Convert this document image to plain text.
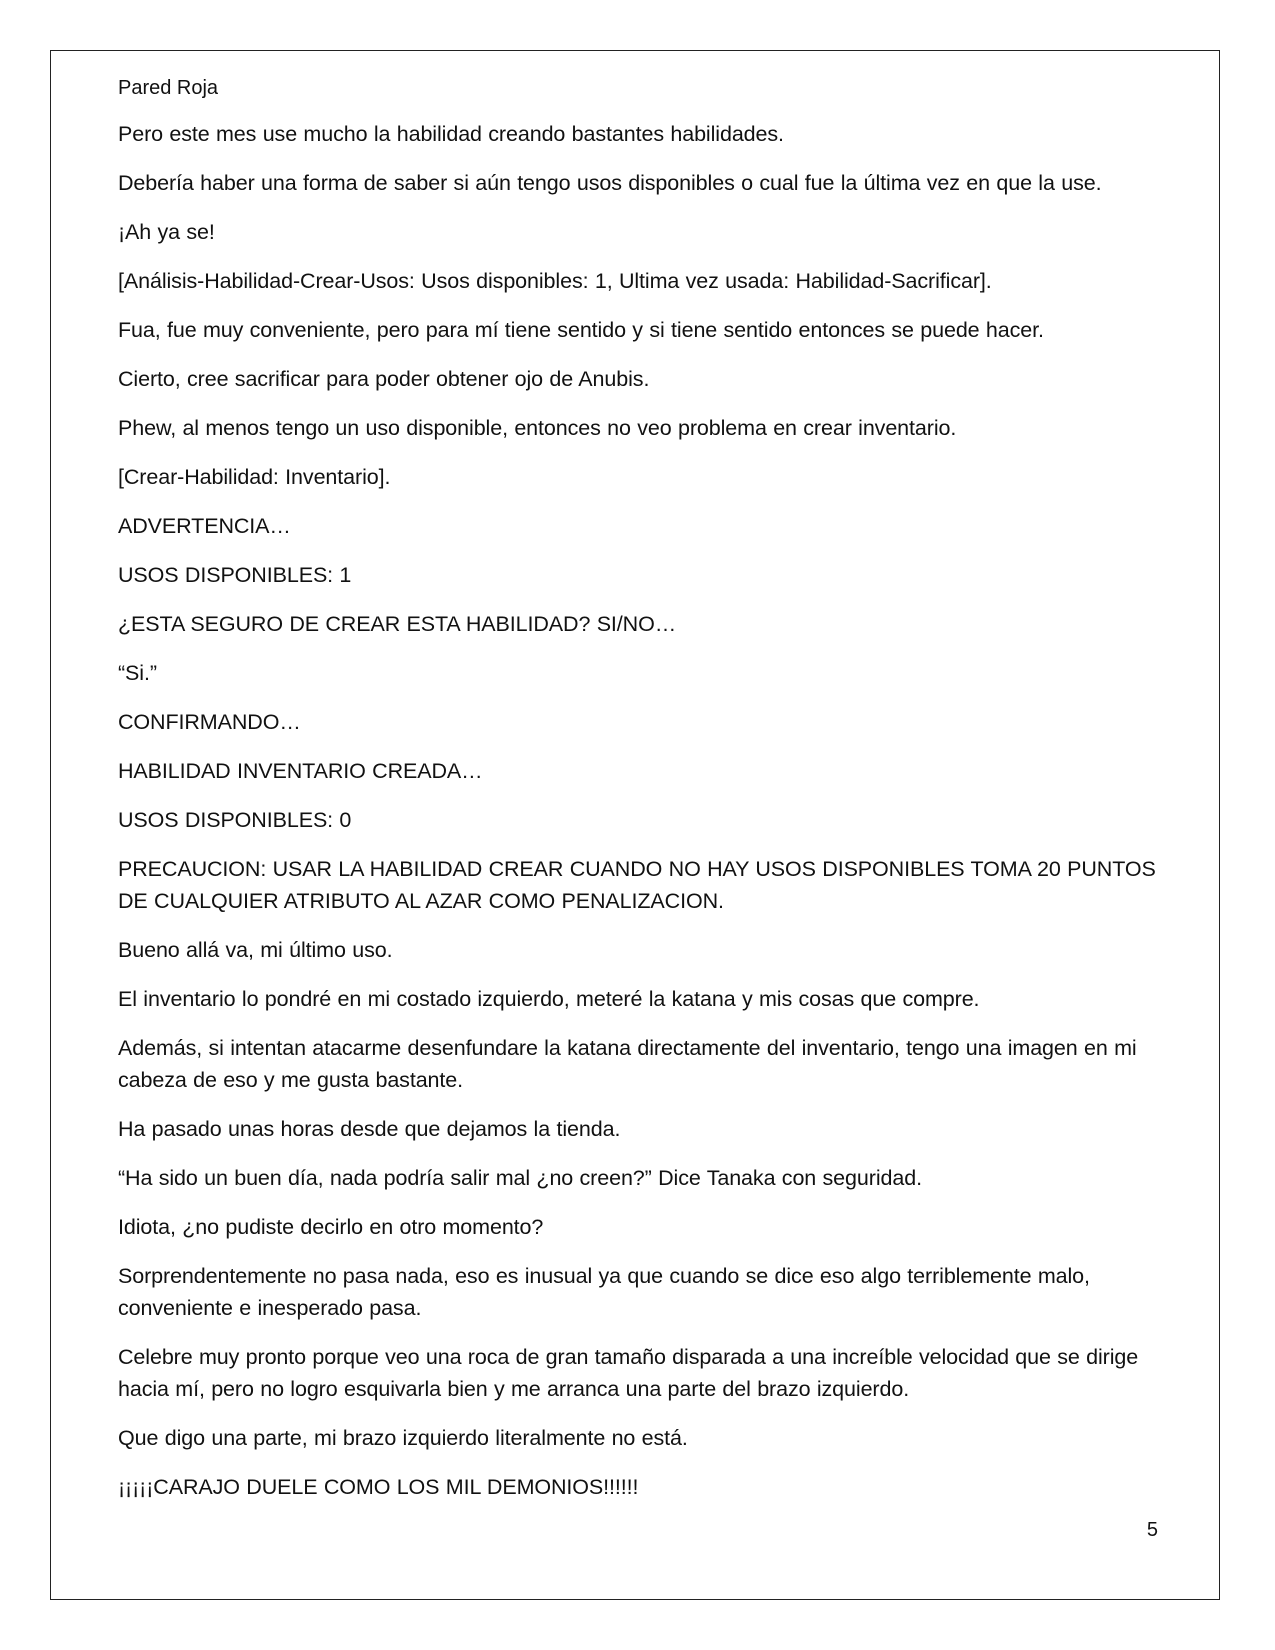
Pared Roja

Pero este mes use mucho la habilidad creando bastantes habilidades.

Debería haber una forma de saber si aún tengo usos disponibles o cual fue la última vez en que la use.

¡Ah ya se!

[Análisis-Habilidad-Crear-Usos: Usos disponibles: 1, Ultima vez usada: Habilidad-Sacrificar].

Fua, fue muy conveniente, pero para mí tiene sentido y si tiene sentido entonces se puede hacer.

Cierto, cree sacrificar para poder obtener ojo de Anubis.

Phew, al menos tengo un uso disponible, entonces no veo problema en crear inventario.

[Crear-Habilidad: Inventario].

ADVERTENCIA…

USOS DISPONIBLES: 1

¿ESTA SEGURO DE CREAR ESTA HABILIDAD? SI/NO…

“Si.”

CONFIRMANDO…

HABILIDAD INVENTARIO CREADA…

USOS DISPONIBLES: 0

PRECAUCION: USAR LA HABILIDAD CREAR CUANDO NO HAY USOS DISPONIBLES TOMA 20 PUNTOS DE CUALQUIER ATRIBUTO AL AZAR COMO PENALIZACION.

Bueno allá va, mi último uso.

El inventario lo pondré en mi costado izquierdo, meteré la katana y mis cosas que compre.

Además, si intentan atacarme desenfundare la katana directamente del inventario, tengo una imagen en mi cabeza de eso y me gusta bastante.

Ha pasado unas horas desde que dejamos la tienda.

“Ha sido un buen día, nada podría salir mal ¿no creen?” Dice Tanaka con seguridad.

Idiota, ¿no pudiste decirlo en otro momento?

Sorprendentemente no pasa nada, eso es inusual ya que cuando se dice eso algo terriblemente malo, conveniente e inesperado pasa.

Celebre muy pronto porque veo una roca de gran tamaño disparada a una increíble velocidad que se dirige hacia mí, pero no logro esquivarla bien y me arranca una parte del brazo izquierdo.

Que digo una parte, mi brazo izquierdo literalmente no está.

¡¡¡¡¡CARAJO DUELE COMO LOS MIL DEMONIOS!!!!!!

5
